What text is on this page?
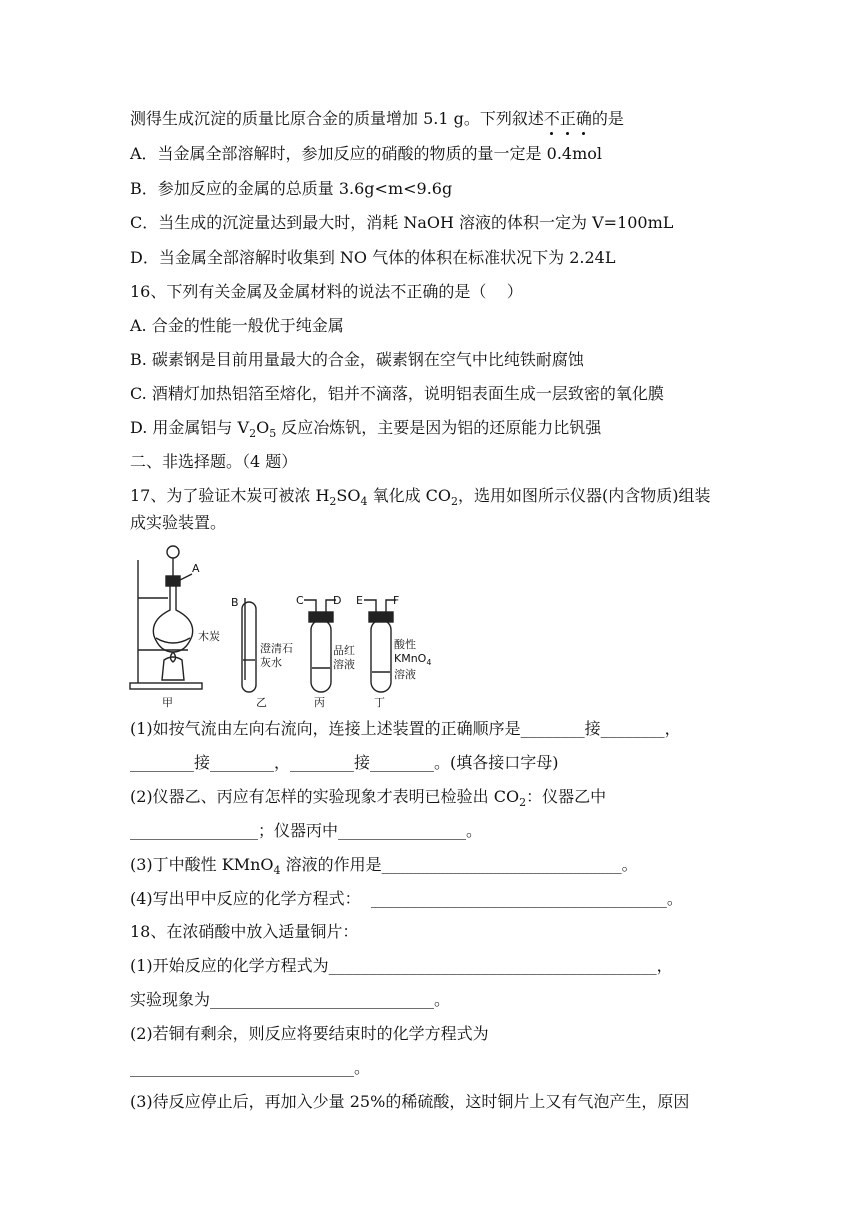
测得生成沉淀的质量比原合金的质量增加 5.1 g。下列叙述不正确的是
A．当金属全部溶解时，参加反应的硝酸的物质的量一定是 0.4mol
B．参加反应的金属的总质量 3.6g<m<9.6g
C．当生成的沉淀量达到最大时，消耗 NaOH 溶液的体积一定为 V=100mL
D．当金属全部溶解时收集到 NO 气体的体积在标准状况下为 2.24L
16、下列有关金属及金属材料的说法不正确的是（    ）
A. 合金的性能一般优于纯金属
B. 碳素钢是目前用量最大的合金，碳素钢在空气中比纯铁耐腐蚀
C. 酒精灯加热铝箔至熔化，铝并不滴落，说明铝表面生成一层致密的氧化膜
D. 用金属铝与 $V_2O_5$ 反应冶炼钒，主要是因为铝的还原能力比钒强
二、非选择题。（4 题）
17、为了验证木炭可被浓 $H_2SO_4$ 氧化成 $CO_2$，选用如图所示仪器(内含物质)组装
成实验装置。
A
B	C	D E	F
木炭
澄清石
灰水
品红
溶液
酸性
KMnO$_4$
溶液
甲	乙	丙	丁
(1)如按气流由左向右流向，连接上述装置的正确顺序是________接________，
________接________，________接________。(填各接口字母)
(2)仪器乙、丙应有怎样的实验现象才表明已检验出 $CO_2$：仪器乙中
________________；仪器丙中________________。
(3)丁中酸性 KMnO$_4$ 溶液的作用是______________________________。
(4)写出甲中反应的化学方程式：  _____________________________________。
18、在浓硝酸中放入适量铜片：
(1)开始反应的化学方程式为_________________________________________，
实验现象为____________________________。
(2)若铜有剩余，则反应将要结束时的化学方程式为
____________________________。
(3)待反应停止后，再加入少量 25%的稀硫酸，这时铜片上又有气泡产生，原因
